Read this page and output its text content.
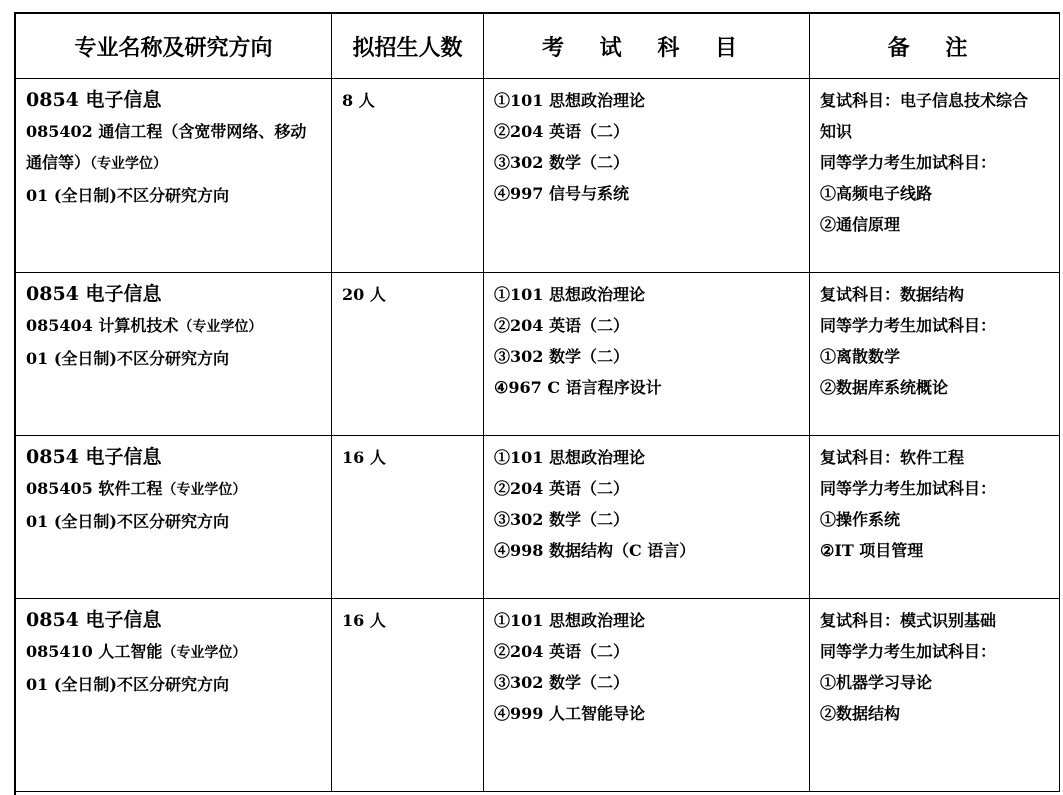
专业名称及研究方向	拟招生人数	考 试 科 目	备 注

0854 电子信息
085402 通信工程（含宽带网络、移动
通信等）（专业学位）
01 (全日制)不区分研究方向	8 人	①101 思想政治理论
②204 英语（二）
③302 数学（二）
④997 信号与系统	复试科目：电子信息技术综合
知识
同等学力考生加试科目：
①高频电子线路
②通信原理

0854 电子信息
085404 计算机技术（专业学位）
01 (全日制)不区分研究方向	20 人	①101 思想政治理论
②204 英语（二）
③302 数学（二）
④967 C 语言程序设计	复试科目：数据结构
同等学力考生加试科目：
①离散数学
②数据库系统概论

0854 电子信息
085405 软件工程（专业学位）
01 (全日制)不区分研究方向	16 人	①101 思想政治理论
②204 英语（二）
③302 数学（二）
④998 数据结构（C 语言）	复试科目：软件工程
同等学力考生加试科目：
①操作系统
②IT 项目管理

0854 电子信息
085410 人工智能（专业学位）
01 (全日制)不区分研究方向	16 人	①101 思想政治理论
②204 英语（二）
③302 数学（二）
④999 人工智能导论	复试科目：模式识别基础
同等学力考生加试科目：
①机器学习导论
②数据结构
